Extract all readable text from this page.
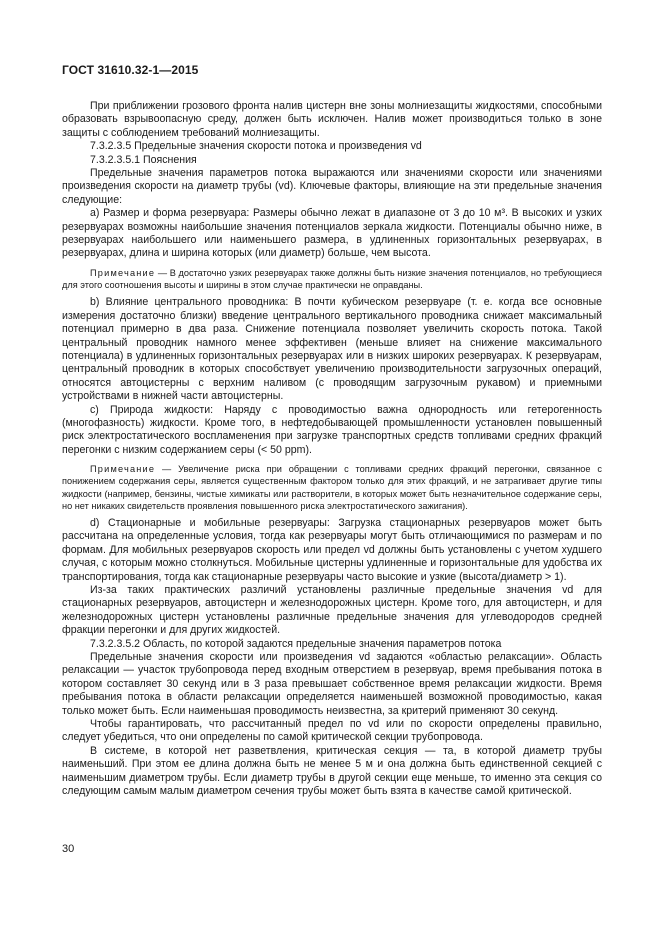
ГОСТ 31610.32-1—2015

При приближении грозового фронта налив цистерн вне зоны молниезащиты жидкостями, способными образовать взрывоопасную среду, должен быть исключен. Налив может производиться только в зоне защиты с соблюдением требований молниезащиты.

7.3.2.3.5 Предельные значения скорости потока и произведения vd

7.3.2.3.5.1 Пояснения

Предельные значения параметров потока выражаются или значениями скорости или значениями произведения скорости на диаметр трубы (vd). Ключевые факторы, влияющие на эти предельные значения следующие:

a) Размер и форма резервуара: Размеры обычно лежат в диапазоне от 3 до 10 м³. В высоких и узких резервуарах возможны наибольшие значения потенциалов зеркала жидкости. Потенциалы обычно ниже, в резервуарах наибольшего или наименьшего размера, в удлиненных горизонтальных резервуарах, в резервуарах, длина и ширина которых (или диаметр) больше, чем высота.

Примечание — В достаточно узких резервуарах также должны быть низкие значения потенциалов, но требующиеся для этого соотношения высоты и ширины в этом случае практически не оправданы.

b) Влияние центрального проводника: В почти кубическом резервуаре (т. е. когда все основные измерения достаточно близки) введение центрального вертикального проводника снижает максимальный потенциал примерно в два раза. Снижение потенциала позволяет увеличить скорость потока. Такой центральный проводник намного менее эффективен (меньше влияет на снижение максимального потенциала) в удлиненных горизонтальных резервуарах или в низких широких резервуарах. К резервуарам, центральный проводник в которых способствует увеличению производительности загрузочных операций, относятся автоцистерны с верхним наливом (с проводящим загрузочным рукавом) и приемными устройствами в нижней части автоцистерны.

c) Природа жидкости: Наряду с проводимостью важна однородность или гетерогенность (многофазность) жидкости. Кроме того, в нефтедобывающей промышленности установлен повышенный риск электростатического воспламенения при загрузке транспортных средств топливами средних фракций перегонки с низким содержанием серы (< 50 ppm).

Примечание — Увеличение риска при обращении с топливами средних фракций перегонки, связанное с понижением содержания серы, является существенным фактором только для этих фракций, и не затрагивает другие типы жидкости (например, бензины, чистые химикаты или растворители, в которых может быть незначительное содержание серы, но нет никаких свидетельств проявления повышенного риска электростатического зажигания).

d) Стационарные и мобильные резервуары: Загрузка стационарных резервуаров может быть рассчитана на определенные условия, тогда как резервуары могут быть отличающимися по размерам и по формам. Для мобильных резервуаров скорость или предел vd должны быть установлены с учетом худшего случая, с которым можно столкнуться. Мобильные цистерны удлиненные и горизонтальные для удобства их транспортирования, тогда как стационарные резервуары часто высокие и узкие (высота/диаметр > 1).

Из-за таких практических различий установлены различные предельные значения vd для стационарных резервуаров, автоцистерн и железнодорожных цистерн. Кроме того, для автоцистерн, и для железнодорожных цистерн установлены различные предельные значения для углеводородов средней фракции перегонки и для других жидкостей.

7.3.2.3.5.2 Область, по которой задаются предельные значения параметров потока

Предельные значения скорости или произведения vd задаются «областью релаксации». Область релаксации — участок трубопровода перед входным отверстием в резервуар, время пребывания потока в котором составляет 30 секунд или в 3 раза превышает собственное время релаксации жидкости. Время пребывания потока в области релаксации определяется наименьшей возможной проводимостью, какая только может быть. Если наименьшая проводимость неизвестна, за критерий применяют 30 секунд.

Чтобы гарантировать, что рассчитанный предел по vd или по скорости определены правильно, следует убедиться, что они определены по самой критической секции трубопровода.

В системе, в которой нет разветвления, критическая секция — та, в которой диаметр трубы наименьший. При этом ее длина должна быть не менее 5 м и она должна быть единственной секцией с наименьшим диаметром трубы. Если диаметр трубы в другой секции еще меньше, то именно эта секция со следующим самым малым диаметром сечения трубы может быть взята в качестве самой критической.

30
